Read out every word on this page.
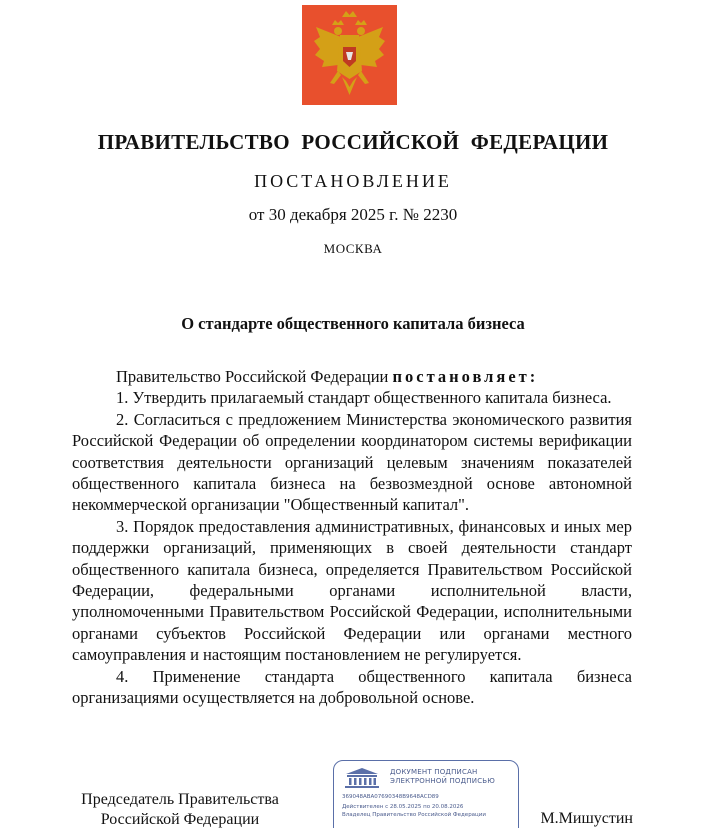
ПРАВИТЕЛЬСТВО РОССИЙСКОЙ ФЕДЕРАЦИИ
ПОСТАНОВЛЕНИЕ
от 30 декабря 2025 г. № 2230
МОСКВА
О стандарте общественного капитала бизнеса

Правительство Российской Федерации постановляет:

1. Утвердить прилагаемый стандарт общественного капитала бизнеса.

2. Согласиться с предложением Министерства экономического развития Российской Федерации об определении координатором системы верификации соответствия деятельности организаций целевым значениям показателей общественного капитала бизнеса на безвозмездной основе автономной некоммерческой организации "Общественный капитал".

3. Порядок предоставления административных, финансовых и иных мер поддержки организаций, применяющих в своей деятельности стандарт общественного капитала бизнеса, определяется Правительством Российской Федерации, федеральными органами исполнительной власти, уполномоченными Правительством Российской Федерации, исполнительными органами субъектов Российской Федерации или органами местного самоуправления и настоящим постановлением не регулируется.

4. Применение стандарта общественного капитала бизнеса организациями осуществляется на добровольной основе.

Председатель Правительства
Российской Федерации
ДОКУМЕНТ ПОДПИСАН
ЭЛЕКТРОННОЙ ПОДПИСЬЮ
369048ABA07690348B9648ACD89
Действителен с 28.05.2025 по 20.08.2026
Владелец Правительство Российской Федерации	М.Мишустин
